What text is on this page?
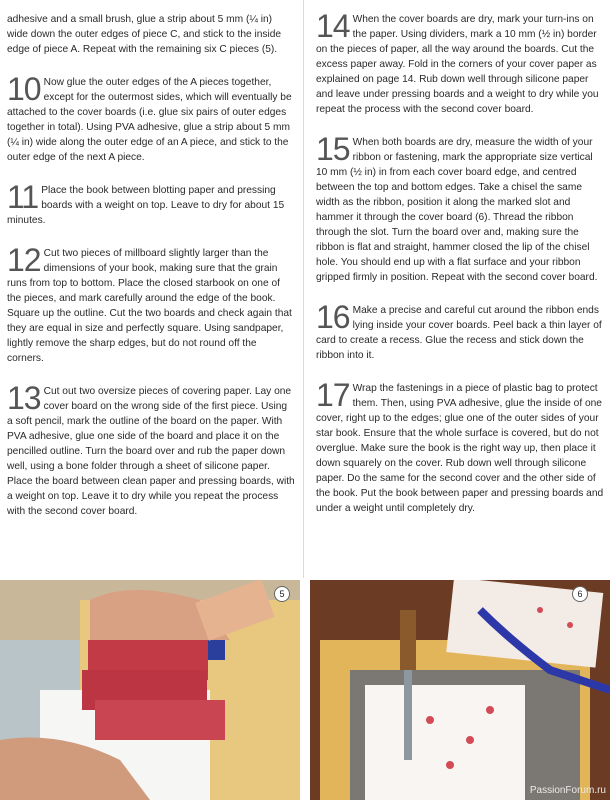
adhesive and a small brush, glue a strip about 5 mm (¼ in) wide down the outer edges of piece C, and stick to the inside edge of piece A. Repeat with the remaining six C pieces (5).

10 Now glue the outer edges of the A pieces together, except for the outermost sides, which will eventually be attached to the cover boards (i.e. glue six pairs of outer edges together in total). Using PVA adhesive, glue a strip about 5 mm (¼ in) wide along the outer edge of an A piece, and stick to the outer edge of the next A piece.

11 Place the book between blotting paper and pressing boards with a weight on top. Leave to dry for about 15 minutes.

12 Cut two pieces of millboard slightly larger than the dimensions of your book, making sure that the grain runs from top to bottom. Place the closed starbook on one of the pieces, and mark carefully around the edge of the book. Square up the outline. Cut the two boards and check again that they are equal in size and perfectly square. Using sandpaper, lightly remove the sharp edges, but do not round off the corners.

13 Cut out two oversize pieces of covering paper. Lay one cover board on the wrong side of the first piece. Using a soft pencil, mark the outline of the board on the paper. With PVA adhesive, glue one side of the board and place it on the pencilled outline. Turn the board over and rub the paper down well, using a bone folder through a sheet of silicone paper. Place the board between clean paper and pressing boards, with a weight on top. Leave it to dry while you repeat the process with the second cover board.

14 When the cover boards are dry, mark your turn-ins on the paper. Using dividers, mark a 10 mm (½ in) border on the pieces of paper, all the way around the boards. Cut the excess paper away. Fold in the corners of your cover paper as explained on page 14. Rub down well through silicone paper and leave under pressing boards and a weight to dry while you repeat the process with the second cover board.

15 When both boards are dry, measure the width of your ribbon or fastening, mark the appropriate size vertical 10 mm (½ in) in from each cover board edge, and centred between the top and bottom edges. Take a chisel the same width as the ribbon, position it along the marked slot and hammer it through the cover board (6). Thread the ribbon through the slot. Turn the board over and, making sure the ribbon is flat and straight, hammer closed the lip of the chisel hole. You should end up with a flat surface and your ribbon gripped firmly in position. Repeat with the second cover board.

16 Make a precise and careful cut around the ribbon ends lying inside your cover boards. Peel back a thin layer of card to create a recess. Glue the recess and stick down the ribbon into it.

17 Wrap the fastenings in a piece of plastic bag to protect them. Then, using PVA adhesive, glue the inside of one cover, right up to the edges; glue one of the outer sides of your star book. Ensure that the whole surface is covered, but do not overglue. Make sure the book is the right way up, then place it down squarely on the cover. Rub down well through silicone paper. Do the same for the second cover and the other side of the book. Put the book between paper and pressing boards and under a weight until completely dry.

5	6
PassionForum.ru
